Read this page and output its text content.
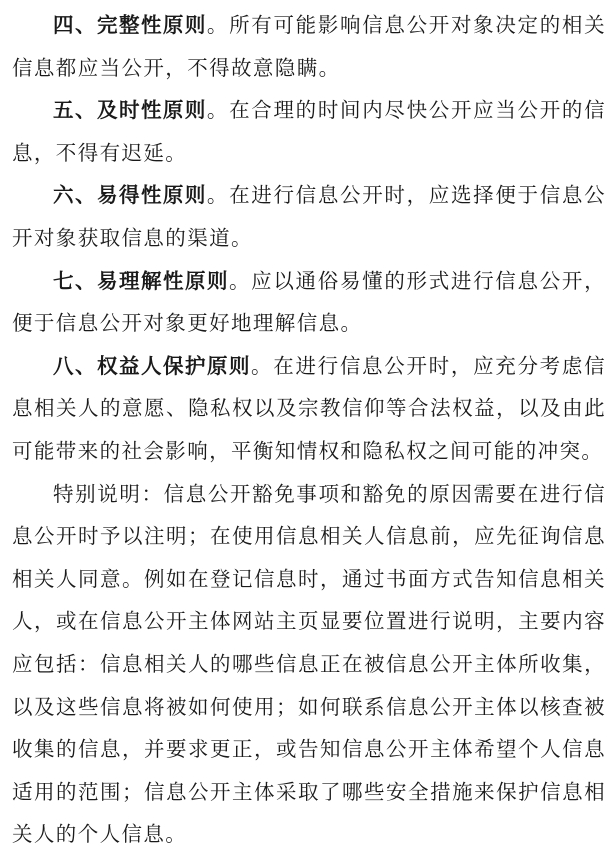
四、完整性原则。所有可能影响信息公开对象决定的相关信息都应当公开，不得故意隐瞒。

五、及时性原则。在合理的时间内尽快公开应当公开的信息，不得有迟延。

六、易得性原则。在进行信息公开时，应选择便于信息公开对象获取信息的渠道。

七、易理解性原则。应以通俗易懂的形式进行信息公开，便于信息公开对象更好地理解信息。

八、权益人保护原则。在进行信息公开时，应充分考虑信息相关人的意愿、隐私权以及宗教信仰等合法权益，以及由此可能带来的社会影响，平衡知情权和隐私权之间可能的冲突。

特别说明：信息公开豁免事项和豁免的原因需要在进行信息公开时予以注明；在使用信息相关人信息前，应先征询信息相关人同意。例如在登记信息时，通过书面方式告知信息相关人，或在信息公开主体网站主页显要位置进行说明，主要内容应包括：信息相关人的哪些信息正在被信息公开主体所收集，以及这些信息将被如何使用；如何联系信息公开主体以核查被收集的信息，并要求更正，或告知信息公开主体希望个人信息适用的范围；信息公开主体采取了哪些安全措施来保护信息相关人的个人信息。
